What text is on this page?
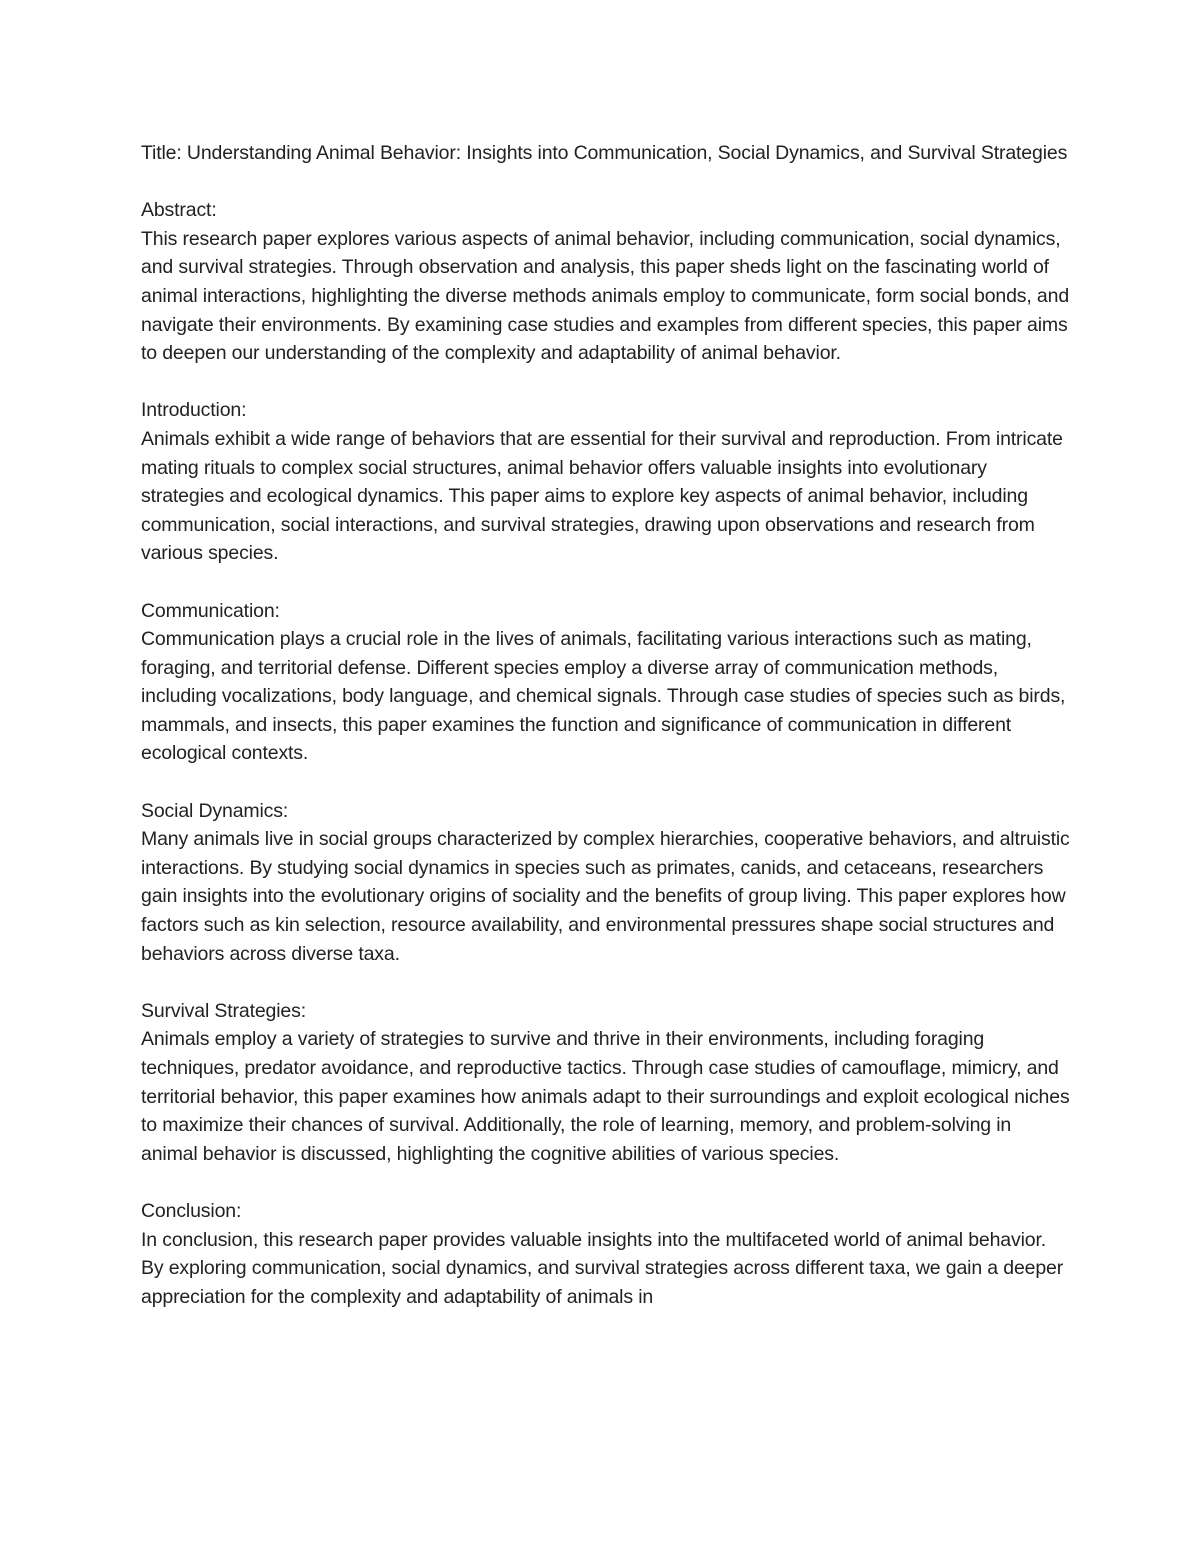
Title: Understanding Animal Behavior: Insights into Communication, Social Dynamics, and Survival Strategies

Abstract:
This research paper explores various aspects of animal behavior, including communication, social dynamics, and survival strategies. Through observation and analysis, this paper sheds light on the fascinating world of animal interactions, highlighting the diverse methods animals employ to communicate, form social bonds, and navigate their environments. By examining case studies and examples from different species, this paper aims to deepen our understanding of the complexity and adaptability of animal behavior.
Introduction:
Animals exhibit a wide range of behaviors that are essential for their survival and reproduction. From intricate mating rituals to complex social structures, animal behavior offers valuable insights into evolutionary strategies and ecological dynamics. This paper aims to explore key aspects of animal behavior, including communication, social interactions, and survival strategies, drawing upon observations and research from various species.
Communication:
Communication plays a crucial role in the lives of animals, facilitating various interactions such as mating, foraging, and territorial defense. Different species employ a diverse array of communication methods, including vocalizations, body language, and chemical signals. Through case studies of species such as birds, mammals, and insects, this paper examines the function and significance of communication in different ecological contexts.
Social Dynamics:
Many animals live in social groups characterized by complex hierarchies, cooperative behaviors, and altruistic interactions. By studying social dynamics in species such as primates, canids, and cetaceans, researchers gain insights into the evolutionary origins of sociality and the benefits of group living. This paper explores how factors such as kin selection, resource availability, and environmental pressures shape social structures and behaviors across diverse taxa.
Survival Strategies:
Animals employ a variety of strategies to survive and thrive in their environments, including foraging techniques, predator avoidance, and reproductive tactics. Through case studies of camouflage, mimicry, and territorial behavior, this paper examines how animals adapt to their surroundings and exploit ecological niches to maximize their chances of survival. Additionally, the role of learning, memory, and problem-solving in animal behavior is discussed, highlighting the cognitive abilities of various species.
Conclusion:
In conclusion, this research paper provides valuable insights into the multifaceted world of animal behavior. By exploring communication, social dynamics, and survival strategies across different taxa, we gain a deeper appreciation for the complexity and adaptability of animals in
